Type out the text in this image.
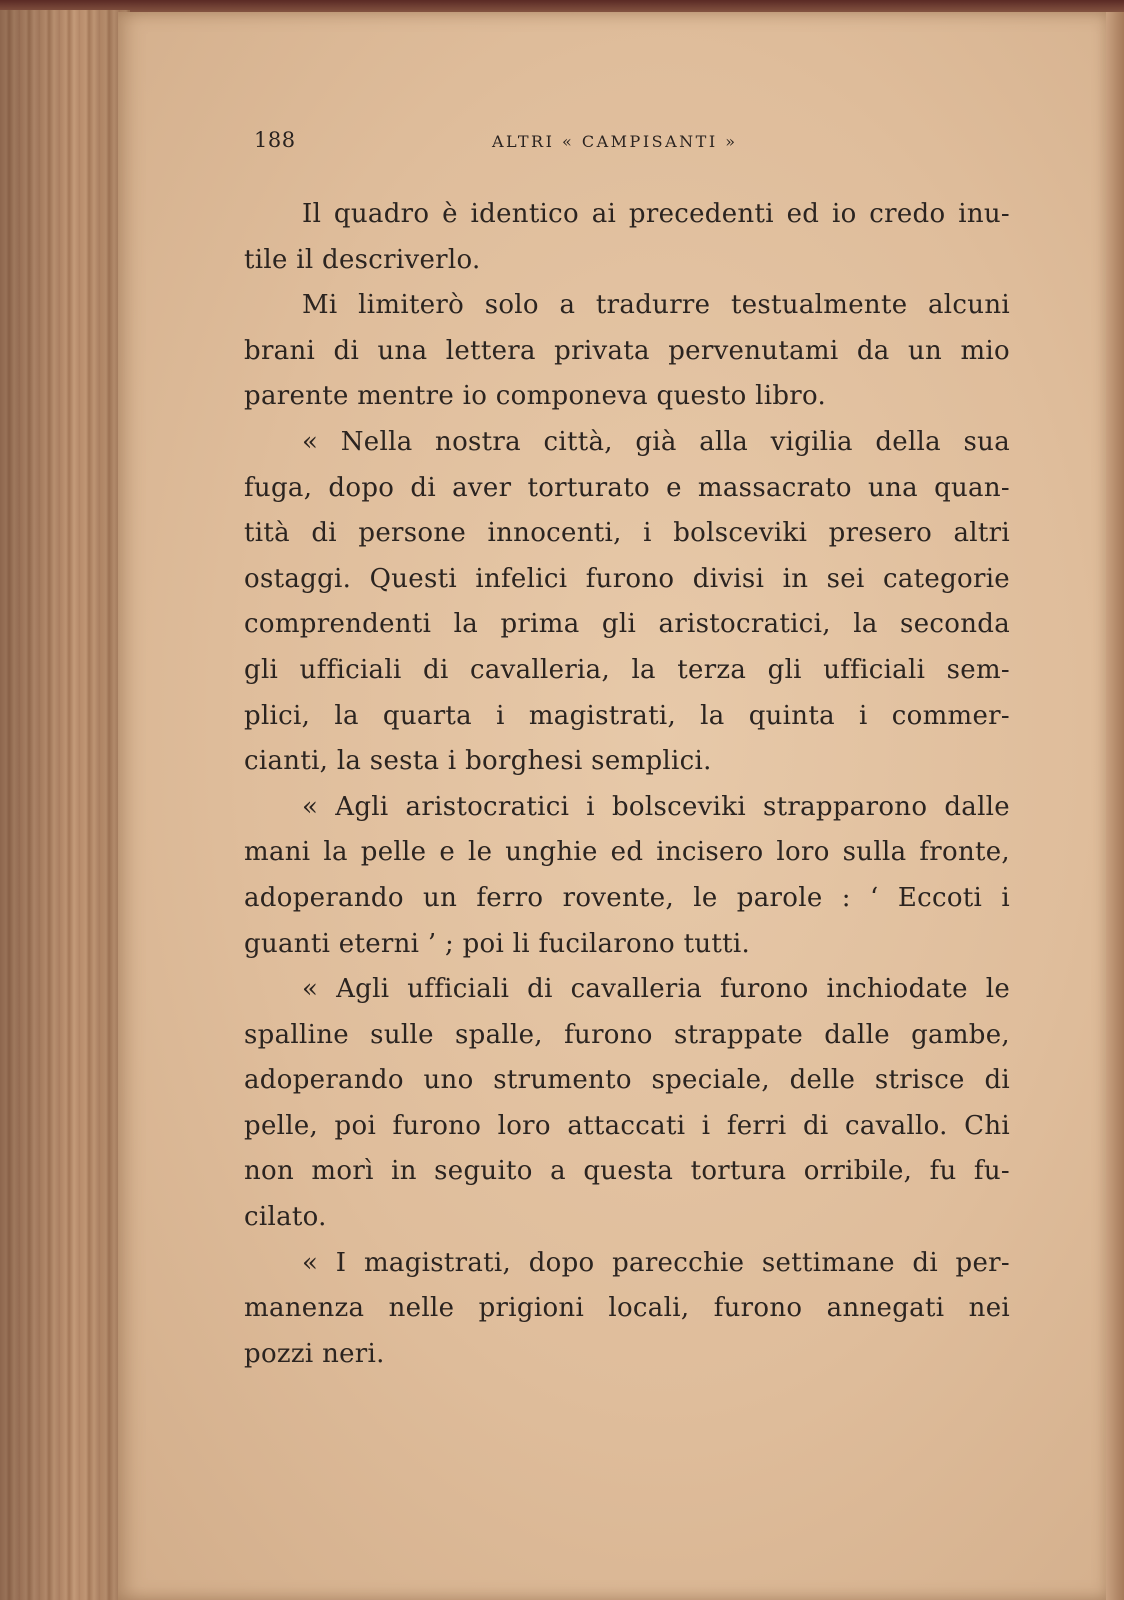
188	ALTRI « CAMPISANTI »
Il quadro è identico ai precedenti ed io credo inu-
tile il descriverlo.
Mi limiterò solo a tradurre testualmente alcuni
brani di una lettera privata pervenutami da un mio
parente mentre io componeva questo libro.
« Nella nostra città, già alla vigilia della sua
fuga, dopo di aver torturato e massacrato una quan-
tità di persone innocenti, i bolsceviki presero altri
ostaggi. Questi infelici furono divisi in sei categorie
comprendenti la prima gli aristocratici, la seconda
gli ufficiali di cavalleria, la terza gli ufficiali sem-
plici, la quarta i magistrati, la quinta i commer-
cianti, la sesta i borghesi semplici.
« Agli aristocratici i bolsceviki strapparono dalle
mani la pelle e le unghie ed incisero loro sulla fronte,
adoperando un ferro rovente, le parole : ‘ Eccoti i
guanti eterni ’ ; poi li fucilarono tutti.
« Agli ufficiali di cavalleria furono inchiodate le
spalline sulle spalle, furono strappate dalle gambe,
adoperando uno strumento speciale, delle strisce di
pelle, poi furono loro attaccati i ferri di cavallo. Chi
non morì in seguito a questa tortura orribile, fu fu-
cilato.
« I magistrati, dopo parecchie settimane di per-
manenza nelle prigioni locali, furono annegati nei
pozzi neri.
